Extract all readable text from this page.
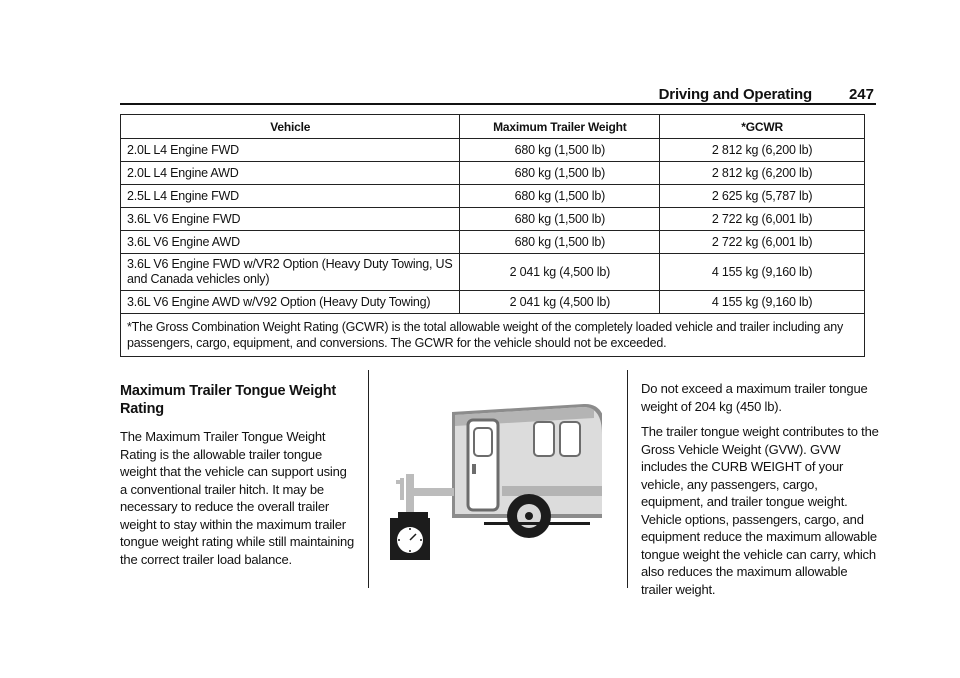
Driving and Operating 247
Vehicle	Maximum Trailer Weight	*GCWR
2.0L L4 Engine FWD	680 kg (1,500 lb)	2 812 kg (6,200 lb)
2.0L L4 Engine AWD	680 kg (1,500 lb)	2 812 kg (6,200 lb)
2.5L L4 Engine FWD	680 kg (1,500 lb)	2 625 kg (5,787 lb)
3.6L V6 Engine FWD	680 kg (1,500 lb)	2 722 kg (6,001 lb)
3.6L V6 Engine AWD	680 kg (1,500 lb)	2 722 kg (6,001 lb)
3.6L V6 Engine FWD w/VR2 Option (Heavy Duty Towing, US and Canada vehicles only)	2 041 kg (4,500 lb)	4 155 kg (9,160 lb)
3.6L V6 Engine AWD w/V92 Option (Heavy Duty Towing)	2 041 kg (4,500 lb)	4 155 kg (9,160 lb)
*The Gross Combination Weight Rating (GCWR) is the total allowable weight of the completely loaded vehicle and trailer including any passengers, cargo, equipment, and conversions. The GCWR for the vehicle should not be exceeded.		
Maximum Trailer Tongue Weight Rating

The Maximum Trailer Tongue Weight Rating is the allowable trailer tongue weight that the vehicle can support using a conventional trailer hitch. It may be necessary to reduce the overall trailer weight to stay within the maximum trailer tongue weight rating while still maintaining the correct trailer load balance.

Do not exceed a maximum trailer tongue weight of 204 kg (450 lb).

The trailer tongue weight contributes to the Gross Vehicle Weight (GVW). GVW includes the CURB WEIGHT of your vehicle, any passengers, cargo, equipment, and trailer tongue weight. Vehicle options, passengers, cargo, and equipment reduce the maximum allowable tongue weight the vehicle can carry, which also reduces the maximum allowable trailer weight.
